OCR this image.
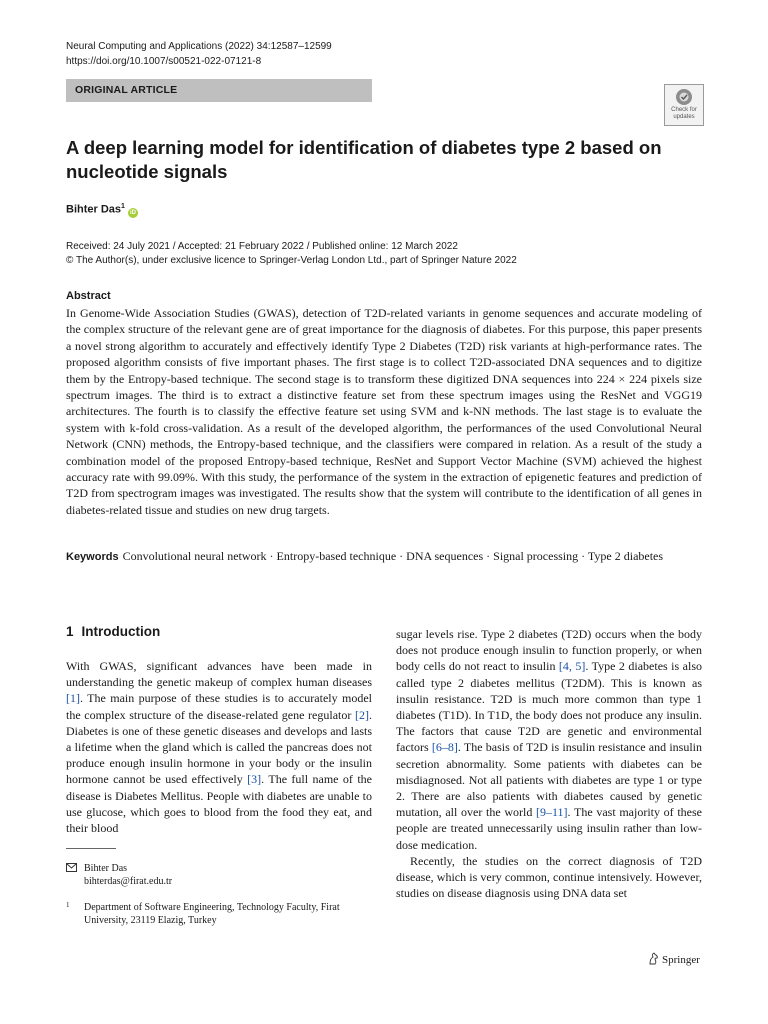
Neural Computing and Applications (2022) 34:12587–12599
https://doi.org/10.1007/s00521-022-07121-8
ORIGINAL ARTICLE
Check for updates
A deep learning model for identification of diabetes type 2 based on nucleotide signals
Bihter Das$^1$iD
Received: 24 July 2021 / Accepted: 21 February 2022 / Published online: 12 March 2022
© The Author(s), under exclusive licence to Springer-Verlag London Ltd., part of Springer Nature 2022
Abstract

In Genome-Wide Association Studies (GWAS), detection of T2D-related variants in genome sequences and accurate modeling of the complex structure of the relevant gene are of great importance for the diagnosis of diabetes. For this purpose, this paper presents a novel strong algorithm to accurately and effectively identify Type 2 Diabetes (T2D) risk variants at high-performance rates. The proposed algorithm consists of five important phases. The first stage is to collect T2D-associated DNA sequences and to digitize them by the Entropy-based technique. The second stage is to transform these digitized DNA sequences into 224 × 224 pixels size spectrum images. The third is to extract a distinctive feature set from these spectrum images using the ResNet and VGG19 architectures. The fourth is to classify the effective feature set using SVM and k-NN methods. The last stage is to evaluate the system with k-fold cross-validation. As a result of the developed algorithm, the performances of the used Convolutional Neural Network (CNN) methods, the Entropy-based technique, and the classifiers were compared in relation. As a result of the study a combination model of the proposed Entropy-based technique, ResNet and Support Vector Machine (SVM) achieved the highest accuracy rate with 99.09%. With this study, the performance of the system in the extraction of epigenetic features and prediction of T2D from spectrogram images was investigated. The results show that the system will contribute to the identification of all genes in diabetes-related tissue and studies on new drug targets.

Keywords Convolutional neural network · Entropy-based technique · DNA sequences · Signal processing · Type 2 diabetes
1 Introduction

With GWAS, significant advances have been made in understanding the genetic makeup of complex human diseases [1]. The main purpose of these studies is to accurately model the complex structure of the disease-related gene regulator [2]. Diabetes is one of these genetic diseases and develops and lasts a lifetime when the gland which is called the pancreas does not produce enough insulin hormone in your body or the insulin hormone cannot be used effectively [3]. The full name of the disease is Diabetes Mellitus. People with diabetes are unable to use glucose, which goes to blood from the food they eat, and their blood

sugar levels rise. Type 2 diabetes (T2D) occurs when the body does not produce enough insulin to function properly, or when body cells do not react to insulin [4, 5]. Type 2 diabetes is also called type 2 diabetes mellitus (T2DM). This is known as insulin resistance. T2D is much more common than type 1 diabetes (T1D). In T1D, the body does not produce any insulin. The factors that cause T2D are genetic and environmental factors [6–8]. The basis of T2D is insulin resistance and insulin secretion abnormality. Some patients with diabetes can be misdiagnosed. Not all patients with diabetes are type 1 or type 2. There are also patients with diabetes caused by genetic mutation, all over the world [9–11]. The vast majority of these people are treated unnecessarily using insulin rather than low-dose medication.

Recently, the studies on the correct diagnosis of T2D disease, which is very common, continue intensively. However, studies on disease diagnosis using DNA data set

Bihter Das
bihterdas@firat.edu.tr
1 Department of Software Engineering, Technology Faculty, Firat University, 23119 Elazig, Turkey
Springer
